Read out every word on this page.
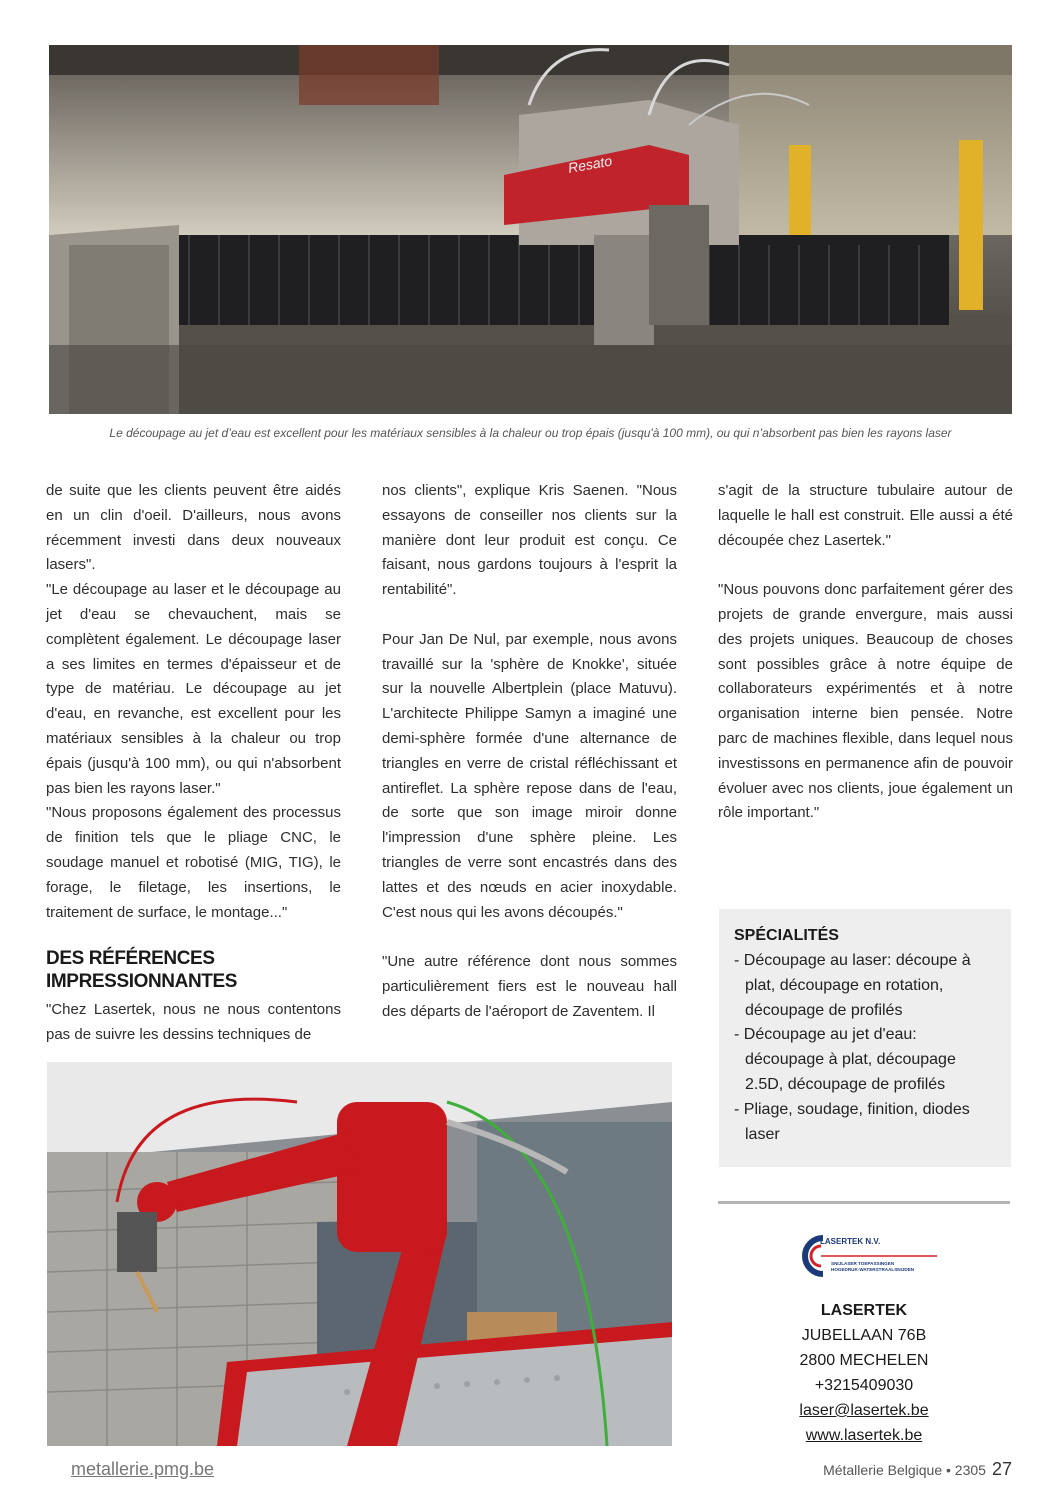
Resato
Le découpage au jet d’eau est excellent pour les matériaux sensibles à la chaleur ou trop épais (jusqu'à 100 mm), ou qui n’absorbent pas bien les rayons laser

de suite que les clients peuvent être aidés en un clin d'oeil. D'ailleurs, nous avons récemment investi dans deux nouveaux lasers".

"Le découpage au laser et le découpage au jet d'eau se chevauchent, mais se complètent également. Le découpage laser a ses limites en termes d'épaisseur et de type de matériau. Le découpage au jet d'eau, en revanche, est excellent pour les matériaux sensibles à la chaleur ou trop épais (jusqu'à 100 mm), ou qui n'absorbent pas bien les rayons laser."

"Nous proposons également des processus de finition tels que le pliage CNC, le soudage manuel et robotisé (MIG, TIG), le forage, le filetage, les insertions, le traitement de surface, le montage..."

DES RÉFÉRENCES IMPRESSIONNANTES

"Chez Lasertek, nous ne nous contentons pas de suivre les dessins techniques de

nos clients", explique Kris Saenen. "Nous essayons de conseiller nos clients sur la manière dont leur produit est conçu. Ce faisant, nous gardons toujours à l'esprit la rentabilité".

Pour Jan De Nul, par exemple, nous avons travaillé sur la 'sphère de Knokke', située sur la nouvelle Albertplein (place Matuvu). L'architecte Philippe Samyn a imaginé une demi-sphère formée d'une alternance de triangles en verre de cristal réfléchissant et antireflet. La sphère repose dans de l'eau, de sorte que son image miroir donne l'impression d'une sphère pleine. Les triangles de verre sont encastrés dans des lattes et des nœuds en acier inoxydable. C'est nous qui les avons découpés."

"Une autre référence dont nous sommes particulièrement fiers est le nouveau hall des départs de l'aéroport de Zaventem. Il

s'agit de la structure tubulaire autour de laquelle le hall est construit. Elle aussi a été découpée chez Lasertek."

"Nous pouvons donc parfaitement gérer des projets de grande envergure, mais aussi des projets uniques. Beaucoup de choses sont possibles grâce à notre équipe de collaborateurs expérimentés et à notre organisation interne bien pensée. Notre parc de machines flexible, dans lequel nous investissons en permanence afin de pouvoir évoluer avec nos clients, joue également un rôle important."

SPÉCIALITÉS
- Découpage au laser: découpe à plat, découpage en rotation, découpage de profilés
- Découpage au jet d'eau: découpage à plat, découpage 2.5D, découpage de profilés
- Pliage, soudage, finition, diodes laser
LASERTEK N.V.
SNIJLASER TOEPASSINGEN
HOGEDRUK-WATERSTRAALSNIJDEN
LASERTEK
JUBELLAAN 76B
2800 MECHELEN
+3215409030
laser@lasertek.be
www.lasertek.be
metallerie.pmg.be	Métallerie Belgique • 2305 27
